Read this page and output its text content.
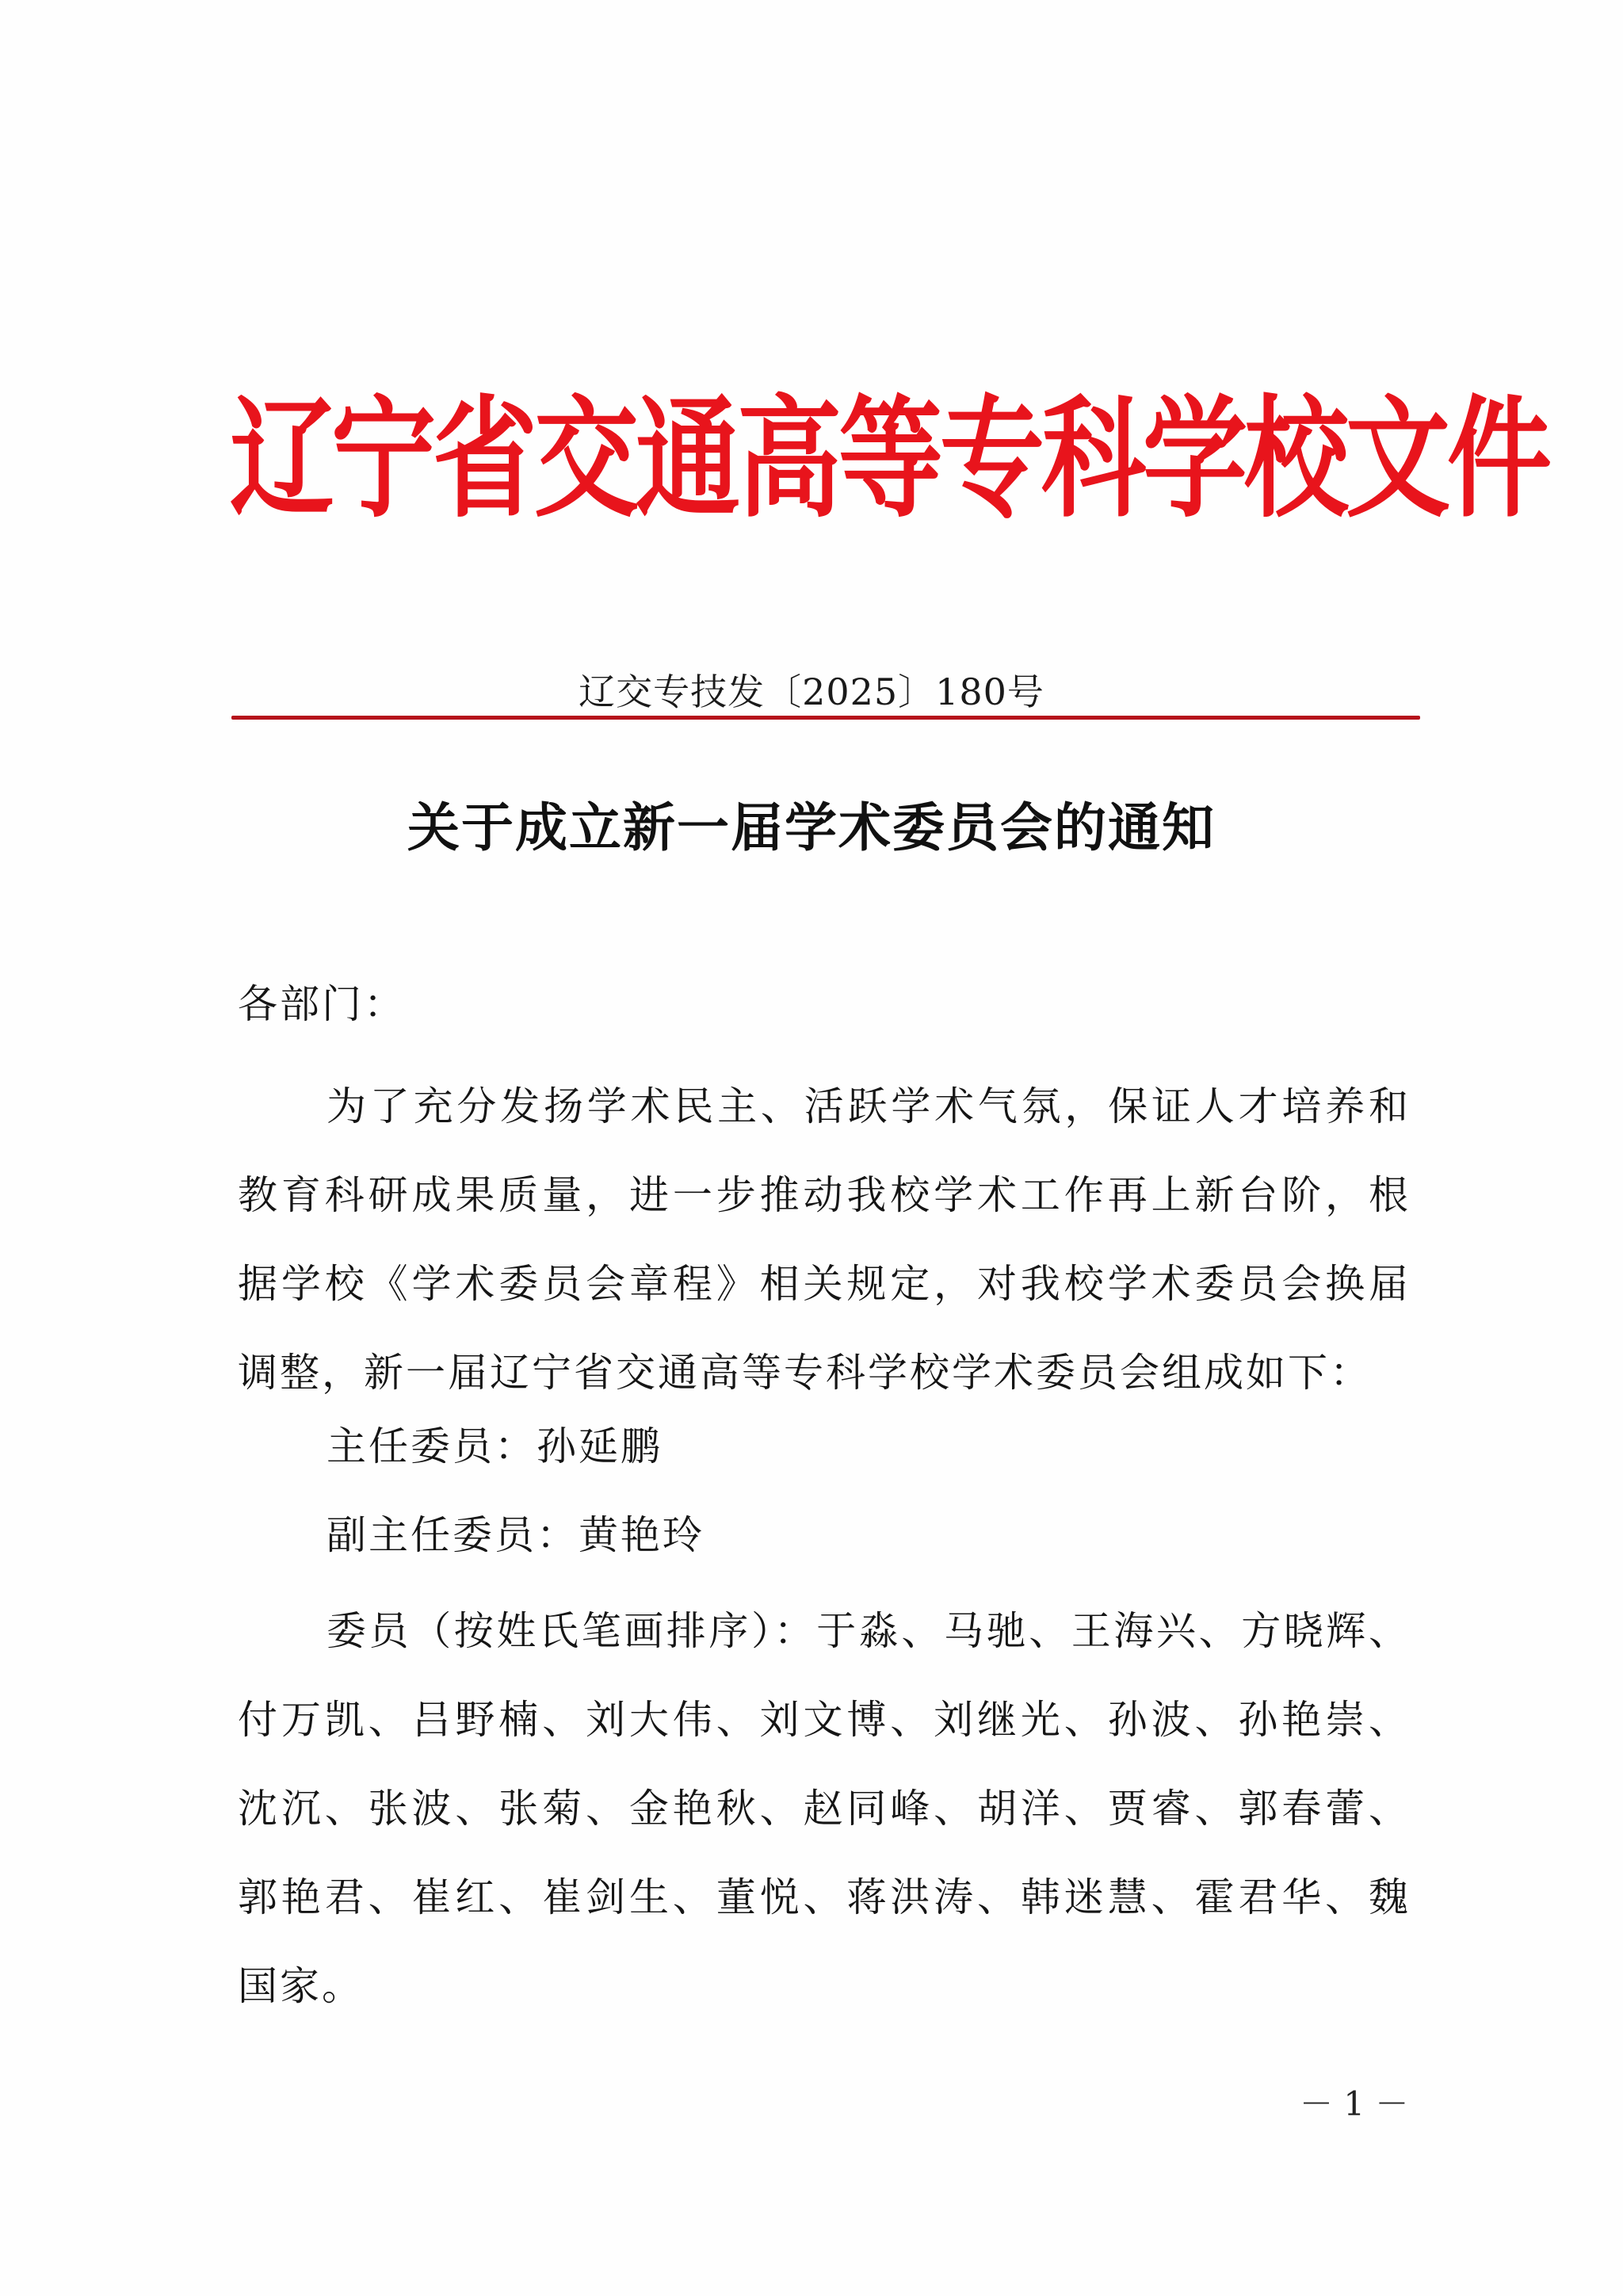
辽宁省交通高等专科学校文件
辽交专技发〔2025〕180号
关于成立新一届学术委员会的通知
各部门：
为了充分发扬学术民主、活跃学术气氛，保证人才培养和教育科研成果质量，进一步推动我校学术工作再上新台阶，根据学校《学术委员会章程》相关规定，对我校学术委员会换届调整，新一届辽宁省交通高等专科学校学术委员会组成如下：
主任委员：孙延鹏
副主任委员：黄艳玲
委员（按姓氏笔画排序）：于淼、马驰、王海兴、方晓辉、付万凯、吕野楠、刘大伟、刘文博、刘继光、孙波、孙艳崇、沈沉、张波、张菊、金艳秋、赵同峰、胡洋、贾睿、郭春蕾、郭艳君、崔红、崔剑生、董悦、蒋洪涛、韩迷慧、霍君华、魏国家。
－ 1 －
